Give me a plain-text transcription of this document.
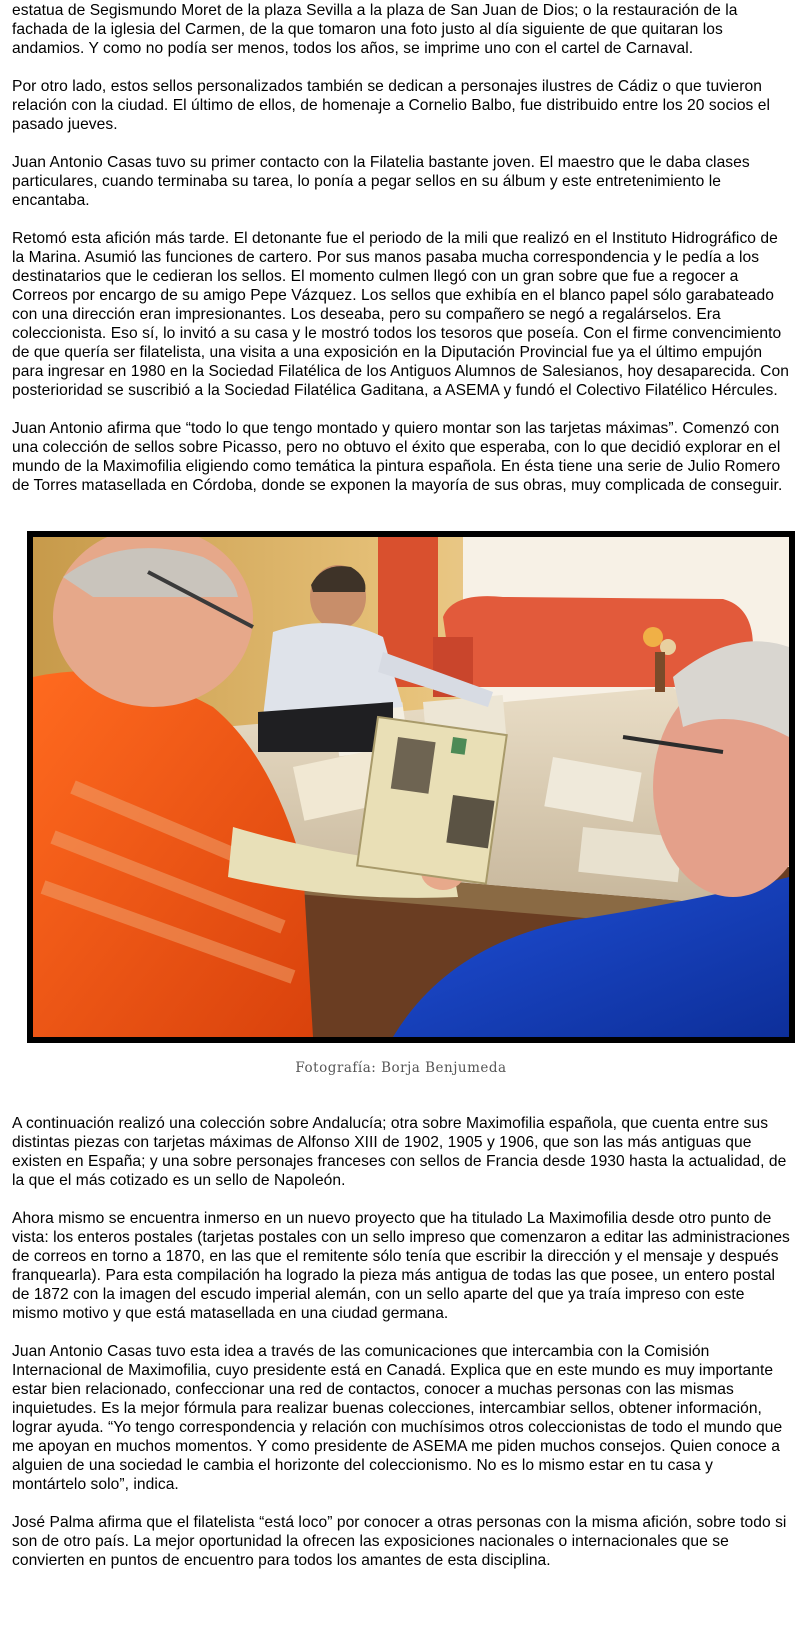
estatua de Segismundo Moret de la plaza Sevilla a la plaza de San Juan de Dios; o la restauración de la fachada de la iglesia del Carmen, de la que tomaron una foto justo al día siguiente de que quitaran los andamios. Y como no podía ser menos, todos los años, se imprime uno con el cartel de Carnaval.

Por otro lado, estos sellos personalizados también se dedican a personajes ilustres de Cádiz o que tuvieron relación con la ciudad. El último de ellos, de homenaje a Cornelio Balbo, fue distribuido entre los 20 socios el pasado jueves.

Juan Antonio Casas tuvo su primer contacto con la Filatelia bastante joven. El maestro que le daba clases particulares, cuando terminaba su tarea, lo ponía a pegar sellos en su álbum y este entretenimiento le encantaba.

Retomó esta afición más tarde. El detonante fue el periodo de la mili que realizó en el Instituto Hidrográfico de la Marina. Asumió las funciones de cartero. Por sus manos pasaba mucha correspondencia y le pedía a los destinatarios que le cedieran los sellos. El momento culmen llegó con un gran sobre que fue a regocer a Correos por encargo de su amigo Pepe Vázquez. Los sellos que exhibía en el blanco papel sólo garabateado con una dirección eran impresionantes. Los deseaba, pero su compañero se negó a regalárselos. Era coleccionista. Eso sí, lo invitó a su casa y le mostró todos los tesoros que poseía. Con el firme convencimiento de que quería ser filatelista, una visita a una exposición en la Diputación Provincial fue ya el último empujón para ingresar en 1980 en la Sociedad Filatélica de los Antiguos Alumnos de Salesianos, hoy desaparecida. Con posterioridad se suscribió a la Sociedad Filatélica Gaditana, a ASEMA y fundó el Colectivo Filatélico Hércules.

Juan Antonio afirma que “todo lo que tengo montado y quiero montar son las tarjetas máximas”. Comenzó con una colección de sellos sobre Picasso, pero no obtuvo el éxito que esperaba, con lo que decidió explorar en el mundo de la Maximofilia eligiendo como temática la pintura española. En ésta tiene una serie de Julio Romero de Torres matasellada en Córdoba, donde se exponen la mayoría de sus obras, muy complicada de conseguir.

Fotografía: Borja Benjumeda

A continuación realizó una colección sobre Andalucía; otra sobre Maximofilia española, que cuenta entre sus distintas piezas con tarjetas máximas de Alfonso XIII de 1902, 1905 y 1906, que son las más antiguas que existen en España; y una sobre personajes franceses con sellos de Francia desde 1930 hasta la actualidad, de la que el más cotizado es un sello de Napoleón.

Ahora mismo se encuentra inmerso en un nuevo proyecto que ha titulado La Maximofilia desde otro punto de vista: los enteros postales (tarjetas postales con un sello impreso que comenzaron a editar las administraciones de correos en torno a 1870, en las que el remitente sólo tenía que escribir la dirección y el mensaje y después franquearla). Para esta compilación ha logrado la pieza más antigua de todas las que posee, un entero postal de 1872 con la imagen del escudo imperial alemán, con un sello aparte del que ya traía impreso con este mismo motivo y que está matasellada en una ciudad germana.

Juan Antonio Casas tuvo esta idea a través de las comunicaciones que intercambia con la Comisión Internacional de Maximofilia, cuyo presidente está en Canadá. Explica que en este mundo es muy importante estar bien relacionado, confeccionar una red de contactos, conocer a muchas personas con las mismas inquietudes. Es la mejor fórmula para realizar buenas colecciones, intercambiar sellos, obtener información, lograr ayuda. “Yo tengo correspondencia y relación con muchísimos otros coleccionistas de todo el mundo que me apoyan en muchos momentos. Y como presidente de ASEMA me piden muchos consejos. Quien conoce a alguien de una sociedad le cambia el horizonte del coleccionismo. No es lo mismo estar en tu casa y montártelo solo”, indica.

José Palma afirma que el filatelista “está loco” por conocer a otras personas con la misma afición, sobre todo si son de otro país. La mejor oportunidad la ofrecen las exposiciones nacionales o internacionales que se convierten en puntos de encuentro para todos los amantes de esta disciplina.
